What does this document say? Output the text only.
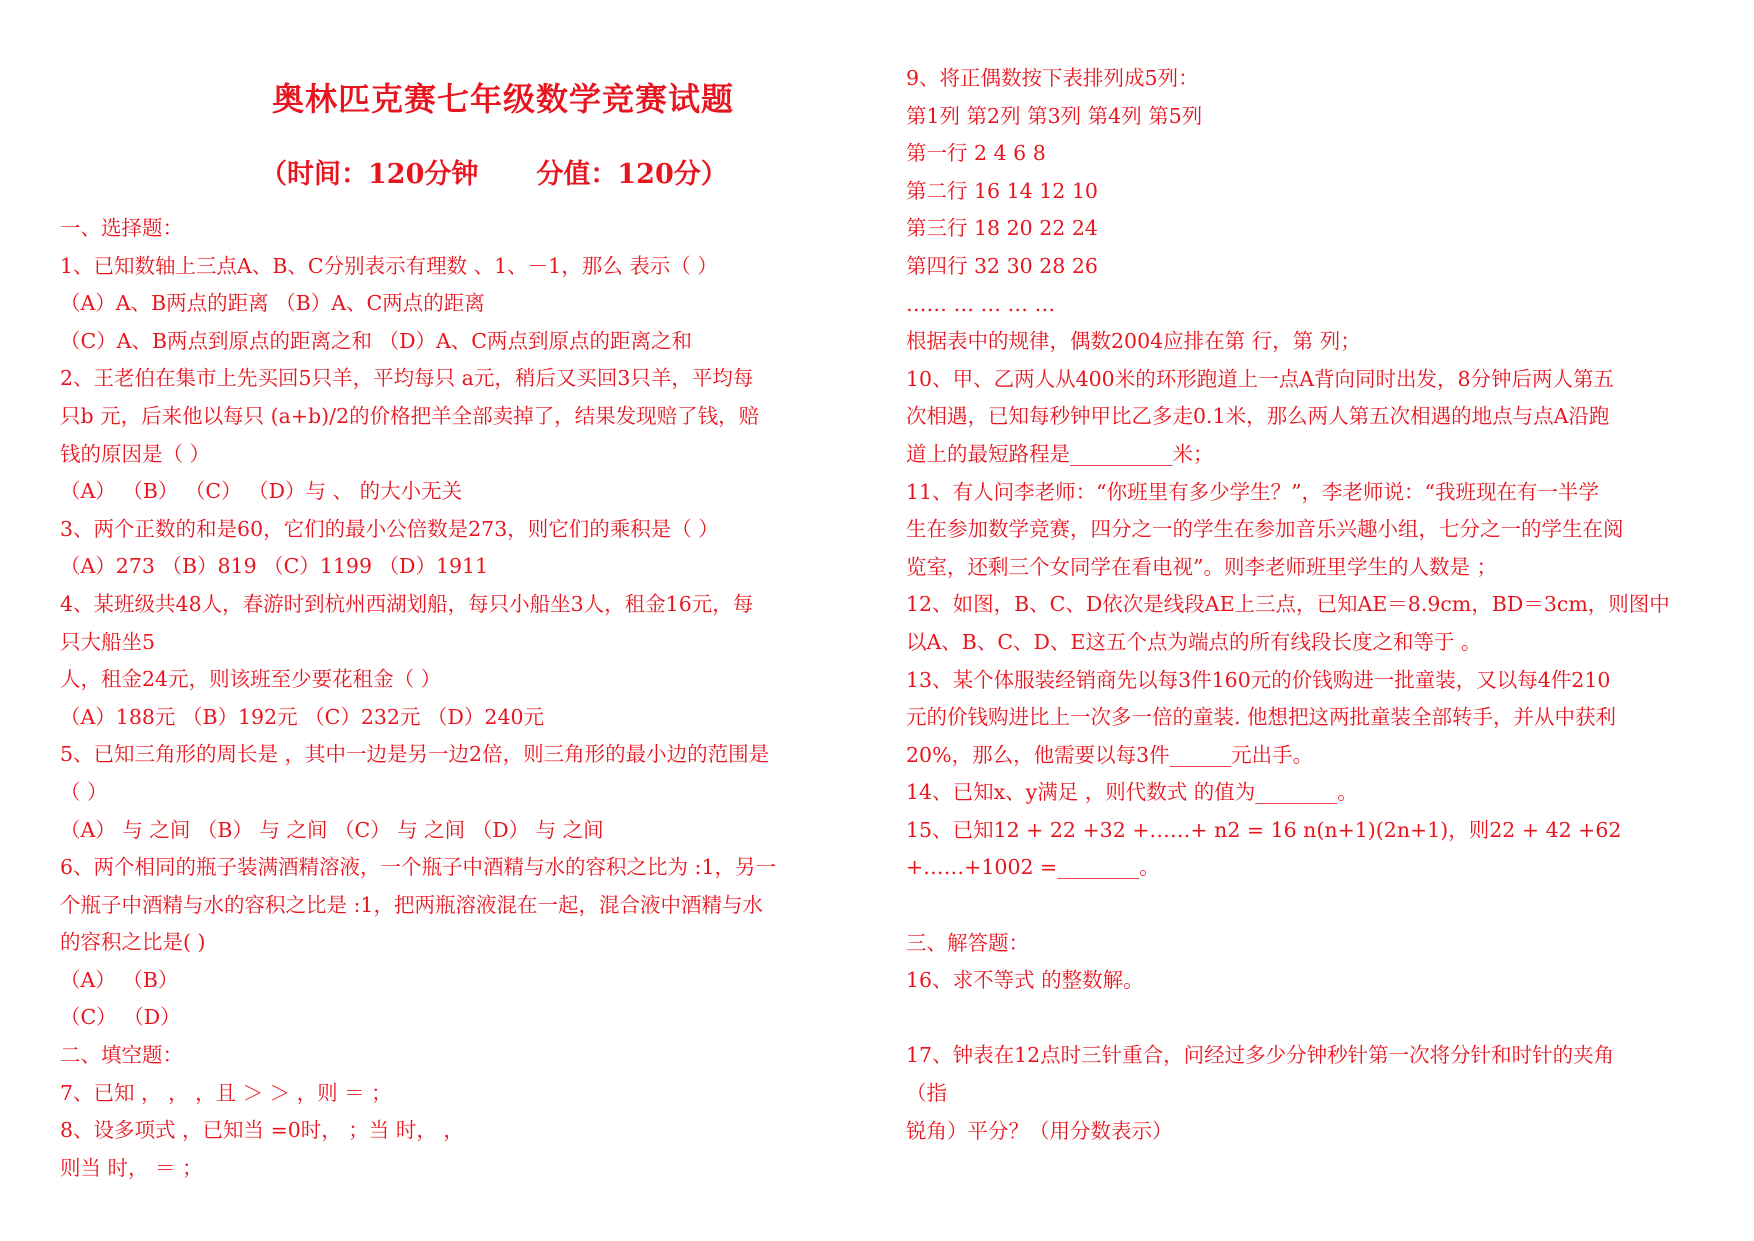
奥林匹克赛七年级数学竞赛试题
（时间：120分钟 分值：120分）
一、选择题：
1、已知数轴上三点A、B、C分别表示有理数 、1、－1，那么 表示（ ）
（A）A、B两点的距离 （B）A、C两点的距离
（C）A、B两点到原点的距离之和 （D）A、C两点到原点的距离之和
2、王老伯在集市上先买回5只羊，平均每只 a元，稍后又买回3只羊，平均每
只b 元，后来他以每只 (a+b)/2的价格把羊全部卖掉了，结果发现赔了钱，赔
钱的原因是（ ）
（A） （B） （C） （D）与 、 的大小无关
3、两个正数的和是60，它们的最小公倍数是273，则它们的乘积是（ ）
（A）273 （B）819 （C）1199 （D）1911
4、某班级共48人，春游时到杭州西湖划船，每只小船坐3人，租金16元，每
只大船坐5
人，租金24元，则该班至少要花租金（ ）
（A）188元 （B）192元 （C）232元 （D）240元
5、已知三角形的周长是 ，其中一边是另一边2倍，则三角形的最小边的范围是
（ ）
（A） 与 之间 （B） 与 之间 （C） 与 之间 （D） 与 之间
6、两个相同的瓶子装满酒精溶液，一个瓶子中酒精与水的容积之比为 :1，另一
个瓶子中酒精与水的容积之比是 :1，把两瓶溶液混在一起，混合液中酒精与水
的容积之比是( )
（A） （B）
（C） （D）
二、填空题：
7、已知 ， ， ，且 ＞ ＞ ，则 ＝ ；
8、设多项式 ，已知当 =0时， ；当 时， ，
则当 时， ＝ ；
9、将正偶数按下表排列成5列：
第1列 第2列 第3列 第4列 第5列
第一行 2 4 6 8
第二行 16 14 12 10
第三行 18 20 22 24
第四行 32 30 28 26
…… … … … …
根据表中的规律，偶数2004应排在第 行，第 列；
10、甲、乙两人从400米的环形跑道上一点A背向同时出发，8分钟后两人第五
次相遇，已知每秒钟甲比乙多走0.1米，那么两人第五次相遇的地点与点A沿跑
道上的最短路程是__________米；
11、有人问李老师：“你班里有多少学生？”，李老师说：“我班现在有一半学
生在参加数学竞赛，四分之一的学生在参加音乐兴趣小组，七分之一的学生在阅
览室，还剩三个女同学在看电视”。则李老师班里学生的人数是 ；
12、如图，B、C、D依次是线段AE上三点，已知AE＝8.9cm，BD＝3cm，则图中
以A、B、C、D、E这五个点为端点的所有线段长度之和等于 。
13、某个体服装经销商先以每3件160元的价钱购进一批童装，又以每4件210
元的价钱购进比上一次多一倍的童装. 他想把这两批童装全部转手，并从中获利
20%，那么，他需要以每3件______元出手。
14、已知x、y满足 ，则代数式 的值为________。
15、已知12 + 22 +32 +……+ n2 = 16 n(n+1)(2n+1)，则22 + 42 +62
+……+1002 =________。
三、解答题：
16、求不等式 的整数解。
17、钟表在12点时三针重合，问经过多少分钟秒针第一次将分针和时针的夹角
（指
锐角）平分？（用分数表示）
